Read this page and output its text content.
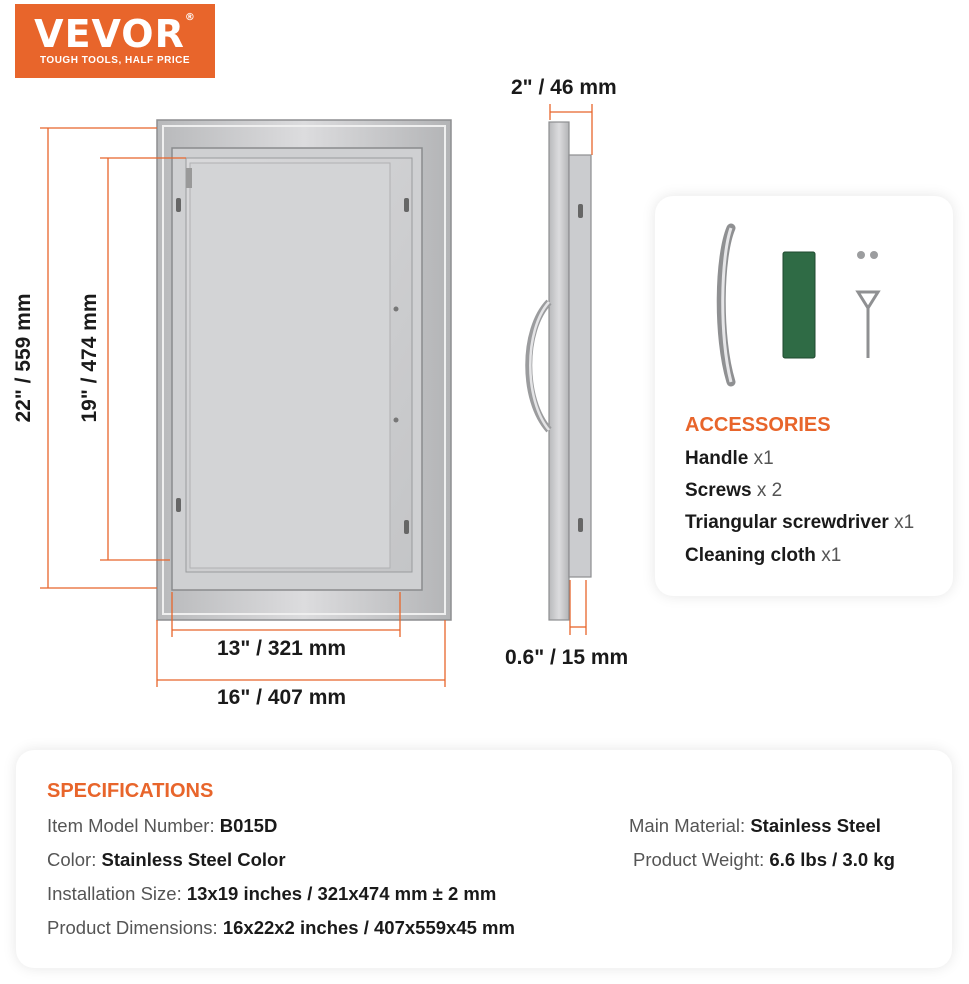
VEVOR®
TOUGH TOOLS, HALF PRICE
2" / 46 mm
22" / 559 mm 19" / 474 mm
13" / 321 mm
16" / 407 mm
0.6" / 15 mm
ACCESSORIES
Handle x1
Screws x 2
Triangular screwdriver x1
Cleaning cloth x1
SPECIFICATIONS
Item Model Number: B015D
Color: Stainless Steel Color
Installation Size: 13x19 inches / 321x474 mm ± 2 mm
Product Dimensions: 16x22x2 inches / 407x559x45 mm
Main Material: Stainless Steel
Product Weight: 6.6 lbs / 3.0 kg
